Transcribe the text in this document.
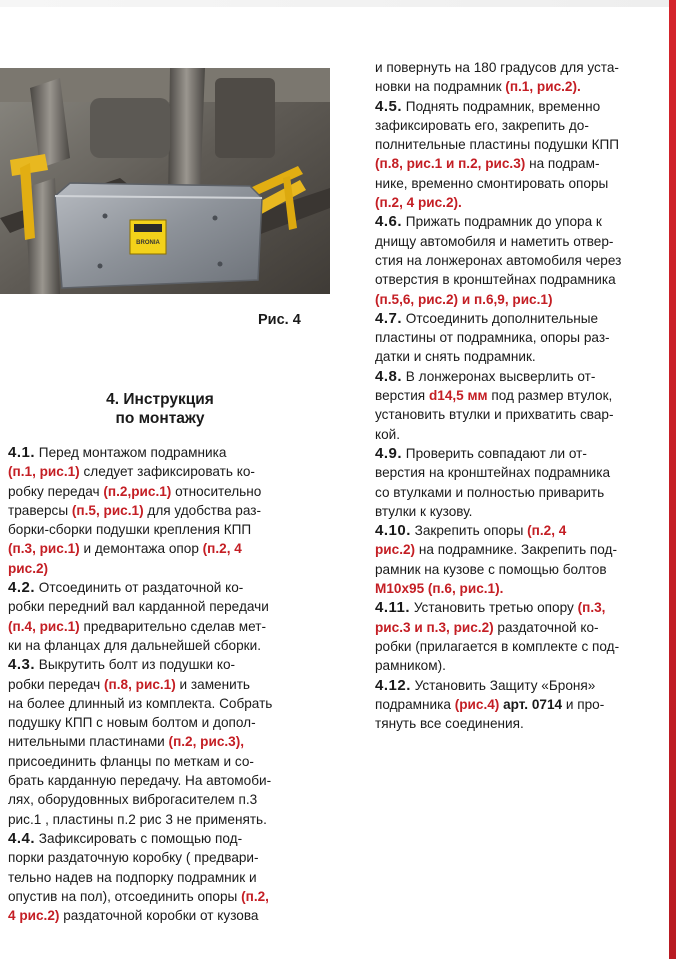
BRONIA
Рис. 4
4. Инструкция
по монтажу
4.1. Перед монтажом подрамника
(п.1, рис.1) следует зафиксировать ко-
робку передач (п.2,рис.1) относительно
траверсы (п.5, рис.1) для удобства раз-
борки-сборки подушки крепления КПП
(п.3, рис.1) и демонтажа опор (п.2, 4
рис.2)
4.2. Отсоединить от раздаточной ко-
робки передний вал карданной передачи
(п.4, рис.1) предварительно сделав мет-
ки на фланцах для дальнейшей сборки.
4.3. Выкрутить болт из подушки ко-
робки передач (п.8, рис.1) и заменить
на более длинный из комплекта. Собрать
подушку КПП с новым болтом и допол-
нительными пластинами (п.2, рис.3),
присоединить фланцы по меткам и со-
брать карданную передачу. На автомоби-
лях, оборудовнных виброгасителем п.3
рис.1 , пластины п.2 рис 3 не применять.
4.4. Зафиксировать с помощью под-
порки раздаточную коробку ( предвари-
тельно надев на подпорку подрамник и
опустив на пол), отсоединить опоры (п.2,
4 рис.2) раздаточной коробки от кузова
и повернуть на 180 градусов для уста-
новки на подрамник (п.1, рис.2).
4.5. Поднять подрамник, временно
зафиксировать его, закрепить до-
полнительные пластины подушки КПП
(п.8, рис.1 и п.2, рис.3) на подрам-
нике, временно смонтировать опоры
(п.2, 4 рис.2).
4.6. Прижать подрамник до упора к
днищу автомобиля и наметить отвер-
стия на лонжеронах автомобиля через
отверстия в кронштейнах подрамника
(п.5,6, рис.2) и п.6,9, рис.1)
4.7. Отсоединить дополнительные
пластины от подрамника, опоры раз-
датки и снять подрамник.
4.8. В лонжеронах высверлить от-
верстия d14,5 мм под размер втулок,
установить втулки и прихватить свар-
кой.
4.9. Проверить совпадают ли от-
верстия на кронштейнах подрамника
со втулками и полностью приварить
втулки к кузову.
4.10. Закрепить опоры (п.2, 4
рис.2) на подрамнике. Закрепить под-
рамник на кузове с помощью болтов
М10х95 (п.6, рис.1).
4.11. Установить третью опору (п.3,
рис.3 и п.3, рис.2) раздаточной ко-
робки (прилагается в комплекте с под-
рамником).
4.12. Установить Защиту «Броня»
подрамника (рис.4) арт. 0714 и про-
тянуть все соединения.
